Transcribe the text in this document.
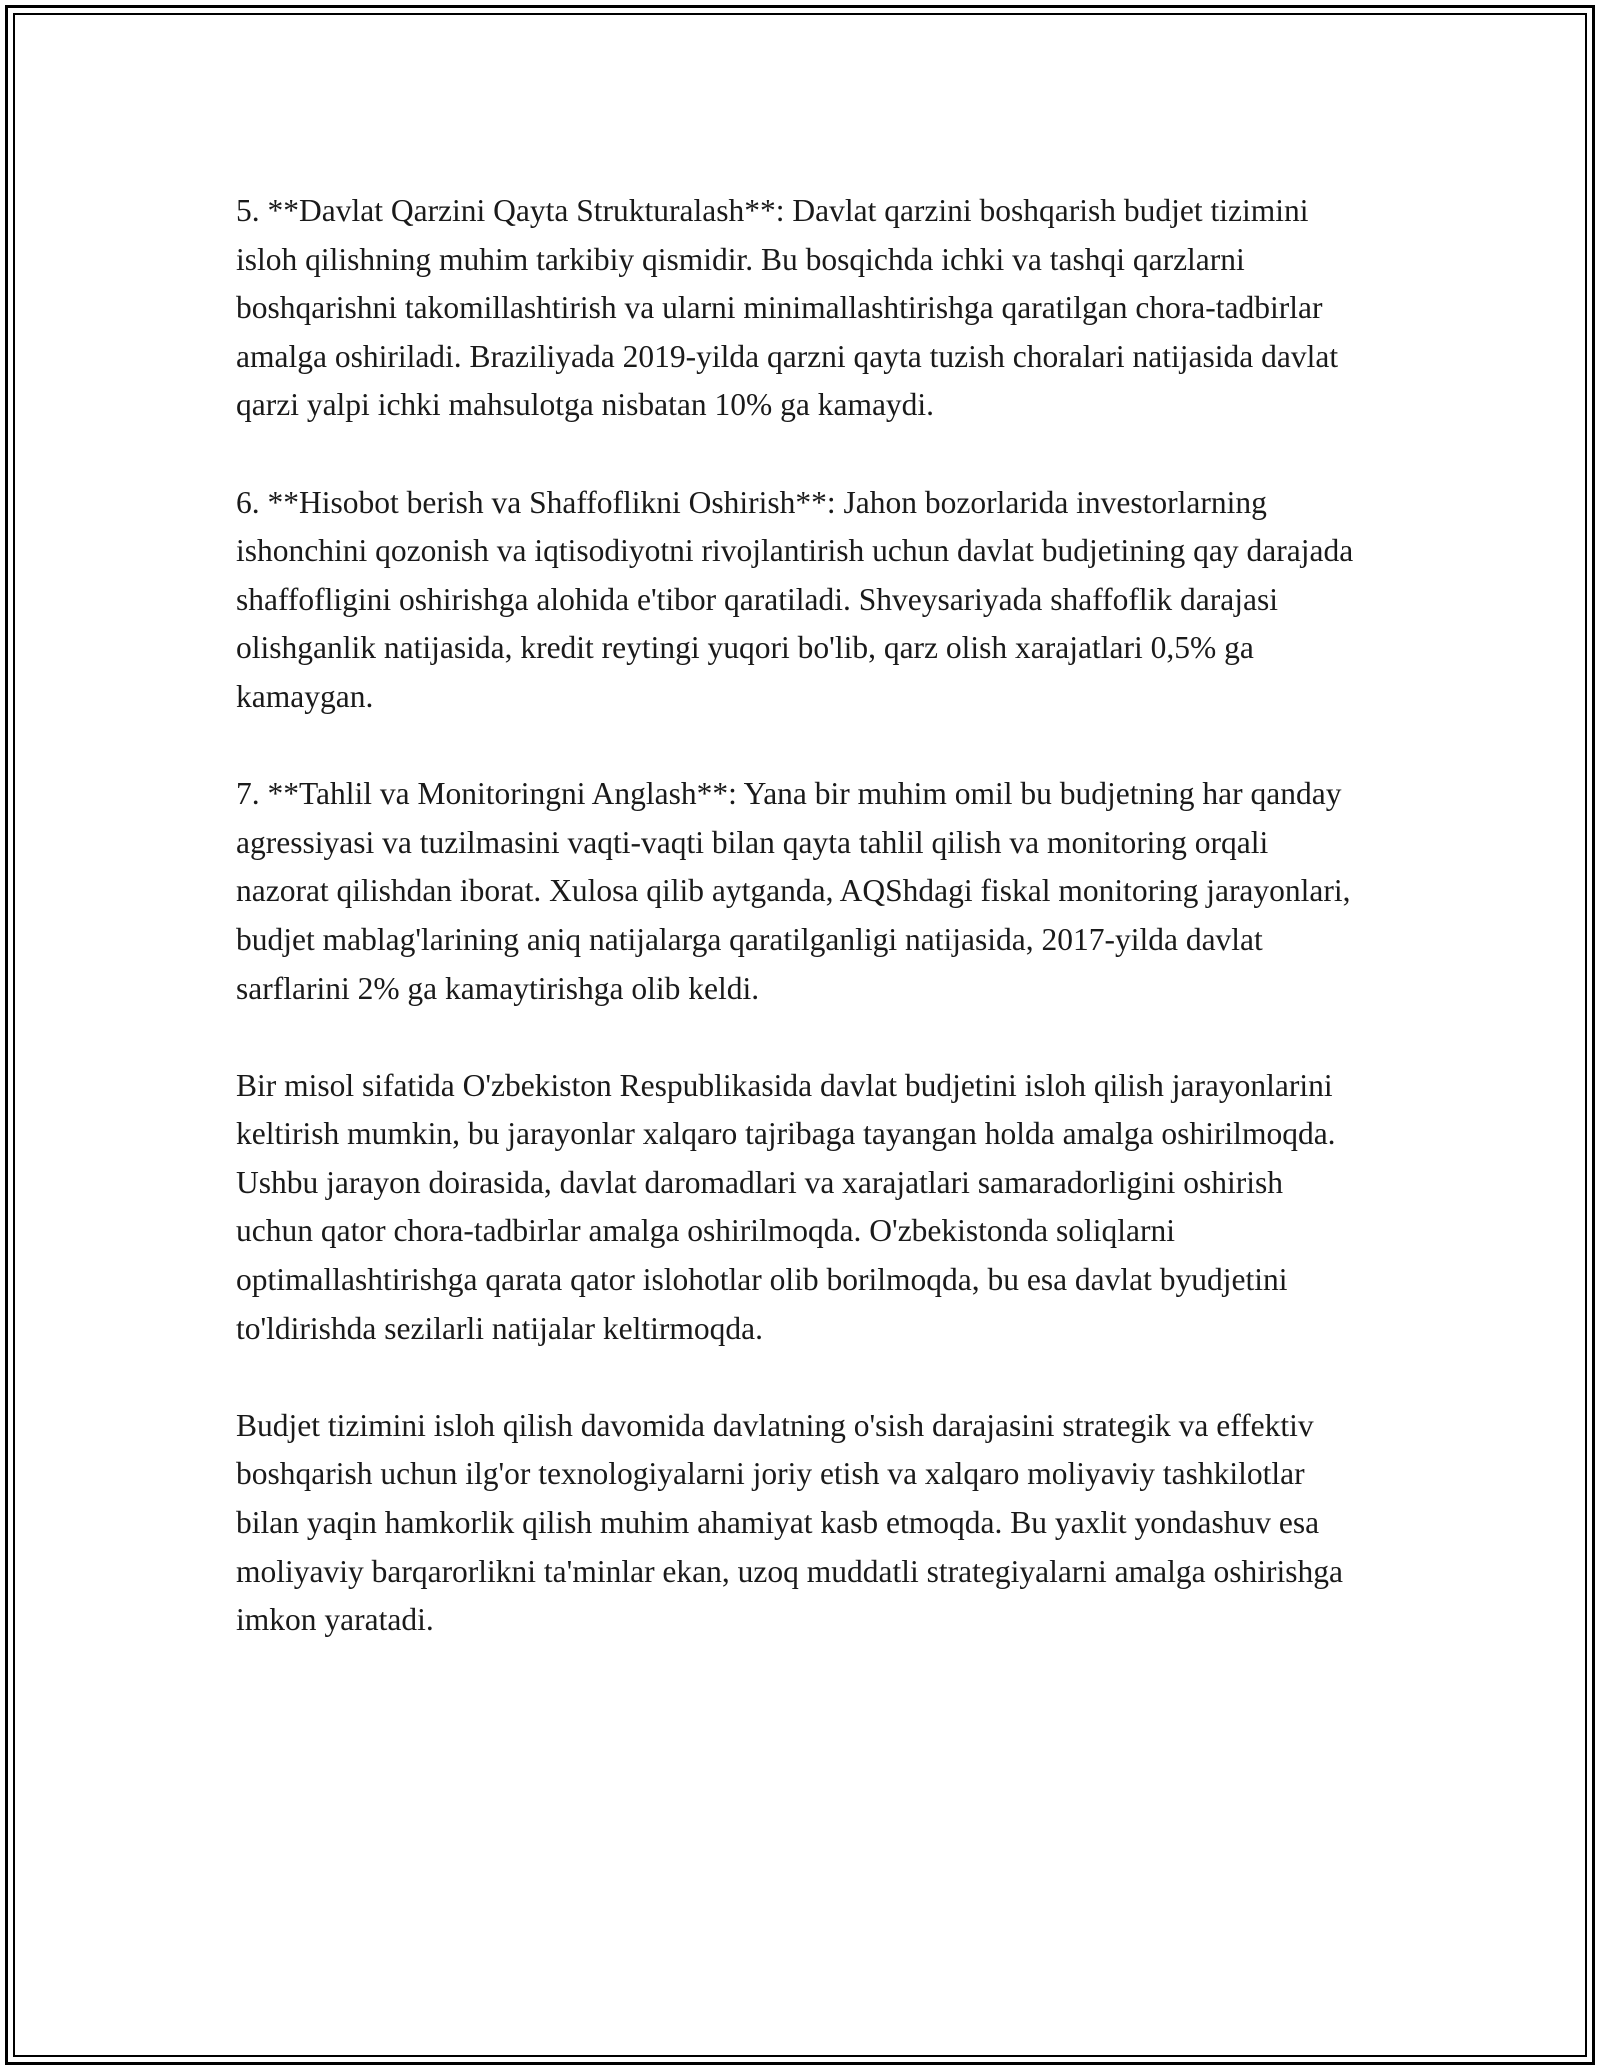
5. **Davlat Qarzini Qayta Strukturalash**: Davlat qarzini boshqarish budjet tizimini isloh qilishning muhim tarkibiy qismidir. Bu bosqichda ichki va tashqi qarzlarni boshqarishni takomillashtirish va ularni minimallashtirishga qaratilgan chora-tadbirlar amalga oshiriladi. Braziliyada 2019-yilda qarzni qayta tuzish choralari natijasida davlat qarzi yalpi ichki mahsulotga nisbatan 10% ga kamaydi.

6. **Hisobot berish va Shaffoflikni Oshirish**: Jahon bozorlarida investorlarning ishonchini qozonish va iqtisodiyotni rivojlantirish uchun davlat budjetining qay darajada shaffofligini oshirishga alohida e'tibor qaratiladi. Shveysariyada shaffoflik darajasi olishganlik natijasida, kredit reytingi yuqori bo'lib, qarz olish xarajatlari 0,5% ga kamaygan.

7. **Tahlil va Monitoringni Anglash**: Yana bir muhim omil bu budjetning har qanday agressiyasi va tuzilmasini vaqti-vaqti bilan qayta tahlil qilish va monitoring orqali nazorat qilishdan iborat. Xulosa qilib aytganda, AQShdagi fiskal monitoring jarayonlari, budjet mablag'larining aniq natijalarga qaratilganligi natijasida, 2017-yilda davlat sarflarini 2% ga kamaytirishga olib keldi.

Bir misol sifatida O'zbekiston Respublikasida davlat budjetini isloh qilish jarayonlarini keltirish mumkin, bu jarayonlar xalqaro tajribaga tayangan holda amalga oshirilmoqda. Ushbu jarayon doirasida, davlat daromadlari va xarajatlari samaradorligini oshirish uchun qator chora-tadbirlar amalga oshirilmoqda. O'zbekistonda soliqlarni optimallashtirishga qarata qator islohotlar olib borilmoqda, bu esa davlat byudjetini to'ldirishda sezilarli natijalar keltirmoqda.

Budjet tizimini isloh qilish davomida davlatning o'sish darajasini strategik va effektiv boshqarish uchun ilg'or texnologiyalarni joriy etish va xalqaro moliyaviy tashkilotlar bilan yaqin hamkorlik qilish muhim ahamiyat kasb etmoqda. Bu yaxlit yondashuv esa moliyaviy barqarorlikni ta'minlar ekan, uzoq muddatli strategiyalarni amalga oshirishga imkon yaratadi.
